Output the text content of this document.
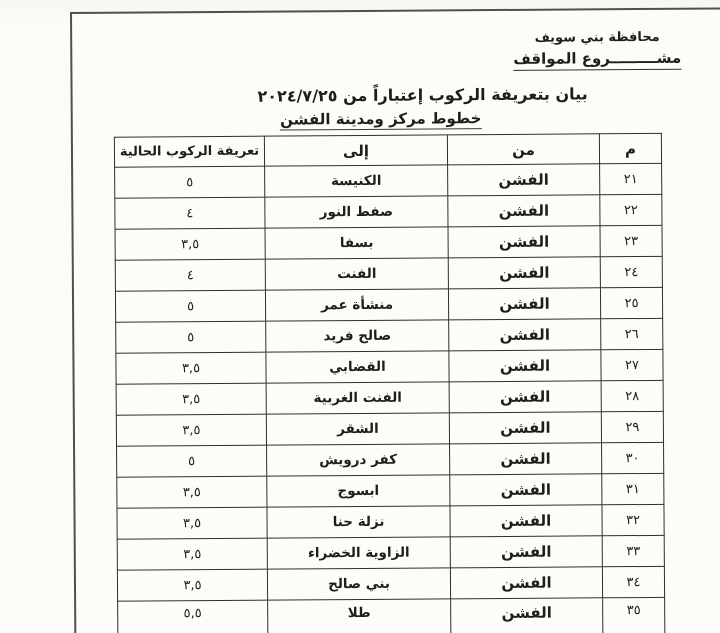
محافظة بني سويف
مشـــــــــروع المواقف
بيان بتعريفة الركوب إعتباراً من ٢٠٢٤/٧/٢٥
خطوط مركز ومدينة الفشن
م	من	إلى	تعريفة الركوب الحالية
٢١	الفشن	الكنيسة	٥
٢٢	الفشن	صفط النور	٤
٢٣	الفشن	بسفا	٣,٥
٢٤	الفشن	الفنت	٤
٢٥	الفشن	منشأة عمر	٥
٢٦	الفشن	صالح فريد	٥
٢٧	الفشن	القضابي	٣,٥
٢٨	الفشن	الفنت الغربية	٣,٥
٢٩	الفشن	الشقر	٣,٥
٣٠	الفشن	كفر درويش	٥
٣١	الفشن	ابسوج	٣,٥
٣٢	الفشن	نزلة حنا	٣,٥
٣٣	الفشن	الزاوية الخضراء	٣,٥
٣٤	الفشن	بني صالح	٣,٥
٣٥	الفشن	طلا	٥,٥
